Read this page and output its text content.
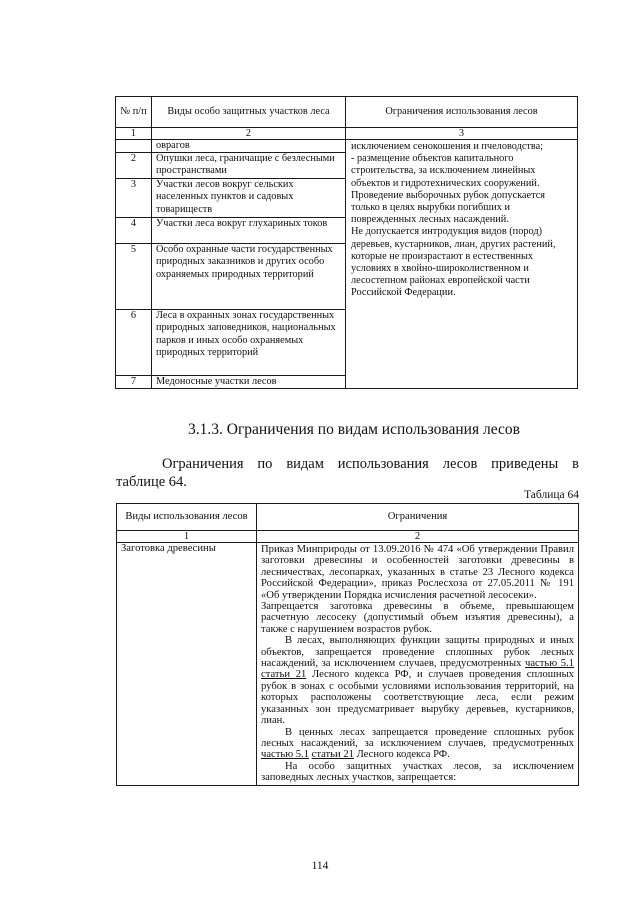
№ п/п	Виды особо защитных участков леса	Ограничения использования лесов
1	2	3
	оврагов	исключением сенокошения и пчеловодства;
- размещение объектов капитального строительства, за исключением линейных объектов и гидротехнических сооружений.
Проведение выборочных рубок допускается только в целях вырубки погибших и поврежденных лесных насаждений.
Не допускается интродукция видов (пород) деревьев, кустарников, лиан, других растений, которые не произрастают в естественных условиях в хвойно-широколиственном и лесостепном районах европейской части Российской Федерации.

2	Опушки леса, граничащие с безлесными пространствами	
3	Участки лесов вокруг сельских населенных пунктов и садовых товариществ	
4	Участки леса вокруг глухариных токов	
5	Особо охранные части государственных природных заказников и других особо охраняемых природных территорий	
6	Леса в охранных зонах государственных природных заповедников, национальных парков и иных особо охраняемых природных территорий	
7	Медоносные участки лесов	
3.1.3. Ограничения по видам использования лесов
Ограничения по видам использования лесов приведены в
таблице 64.
Таблица 64
Виды использования лесов	Ограничения
1	2
Заготовка древесины	Приказ Минприроды от 13.09.2016 № 474 «Об утверждении Правил заготовки древесины и особенностей заготовки древесины в лесничествах, лесопарках, указанных в статье 23 Лесного кодекса Российской Федерации», приказ Рослесхоза от 27.05.2011 № 191 «Об утверждении Порядка исчисления расчетной лесосеки».

Запрещается заготовка древесины в объеме, превышающем расчетную лесосеку (допустимый объем изъятия древесины), а также с нарушением возрастов рубок.

В лесах, выполняющих функции защиты природных и иных объектов, запрещается проведение сплошных рубок лесных насаждений, за исключением случаев, предусмотренных частью 5.1 статьи 21 Лесного кодекса РФ, и случаев проведения сплошных рубок в зонах с особыми условиями использования территорий, на которых расположены соответствующие леса, если режим указанных зон предусматривает вырубку деревьев, кустарников, лиан.

В ценных лесах запрещается проведение сплошных рубок лесных насаждений, за исключением случаев, предусмотренных частью 5.1 статьи 21 Лесного кодекса РФ.

На особо защитных участках лесов, за исключением заповедных лесных участков, запрещается:

114
